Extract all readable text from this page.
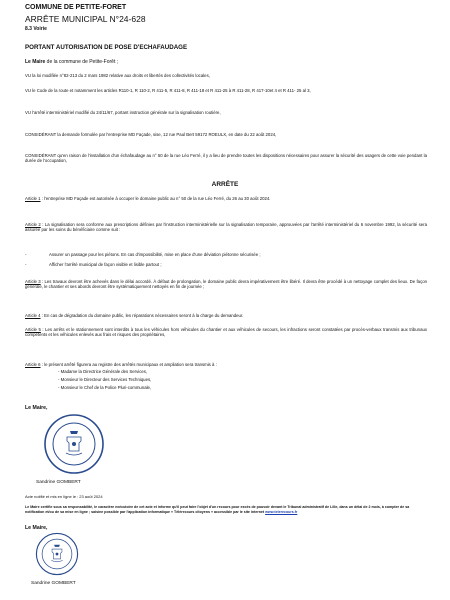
COMMUNE DE PETITE-FORET
ARRÊTE MUNICIPAL N°24-628
8.3 Voirie
PORTANT AUTORISATION DE POSE D'ECHAFAUDAGE
Le Maire de la commune de Petite-Forêt ;
VU la loi modifiée n°82-213 du 2 mars 1982 relative aux droits et libertés des collectivités locales,
VU le Code de la route et notamment les articles R110-1, R 110-2, R 411-5, R 411-8, R 411-18 et R 411-25 à R 411-28, R 417-10et 4 et R 411- 25 al 3,
VU l'arrêté interministériel modifié du 24/11/67, portant instruction générale sur la signalisation routière,
CONSIDÉRANT la demande formulée par l'entreprise MD Façade, sise, 12 rue Paul Bert 59172 ROEULX, en date du 22 août 2024,
CONSIDÉRANT qu'en raison de l'installation d'un échafaudage au n° 50 de la rue Léo Ferré, il y a lieu de prendre toutes les dispositions nécessaires pour assurer la sécurité des usagers de cette voie pendant la durée de l'occupation,
ARRÊTE
Article 1 : l'entreprise MD Façade est autorisée à occuper le domaine public au n° 50 de la rue Léo Ferré, du 26 au 30 août 2024.
Article 2 : La signalisation sera conforme aux prescriptions définies par l'instruction interministérielle sur la signalisation temporaire, approuvées par l'arrêté interministériel du 6 novembre 1992, la sécurité sera assurée par les soins du bénéficiaire comme suit :
-	Assurer un passage pour les piétons. En cas d'impossibilité, mise en place d'une déviation piétonne sécurisée ;
-	Afficher l'arrêté municipal de façon visible et lisible partout ;
Article 3 : Les travaux devront être achevés dans le délai accordé. À défaut de prolongation, le domaine public devra impérativement être libéré. Il devra être procédé à un nettoyage complet des lieux. De façon générale, le chantier et ses abords devront être systématiquement nettoyés en fin de journée ;
Article 4 : En cas de dégradation du domaine public, les réparations nécessaires seront à la charge du demandeur.
Article 5 : Les arrêts et le stationnement sont interdits à tous les véhicules hors véhicules du chantier et aux véhicules de secours, les infractions seront constatées par procès-verbaux transmis aux tribunaux compétents et les véhicules enlevés aux frais et risques des propriétaires,
Article 6 : le présent arrêté figurera au registre des arrêtés municipaux et ampliation sera transmis à :
- Madame la Directrice Générale des Services,
- Monsieur le Directeur des Services Techniques,
- Monsieur le Chef de la Police Pluri-communale,
Le Maire,
Sandrine GOMBERT
Acte notifié et mis en ligne le : 23 août 2024
Le Maire certifie sous sa responsabilité, le caractère exécutoire de cet acte et informe qu'il peut faire l'objet d'un recours pour excès de pouvoir devant le Tribunal administratif de Lille, dans un délai de 2 mois, à compter de sa notification et/ou de sa mise en ligne ; saisine possible par l'application informatique « Télérecours citoyens » accessible par le site internet www.telerecours.fr
Le Maire,
Sandrine GOMBERT
